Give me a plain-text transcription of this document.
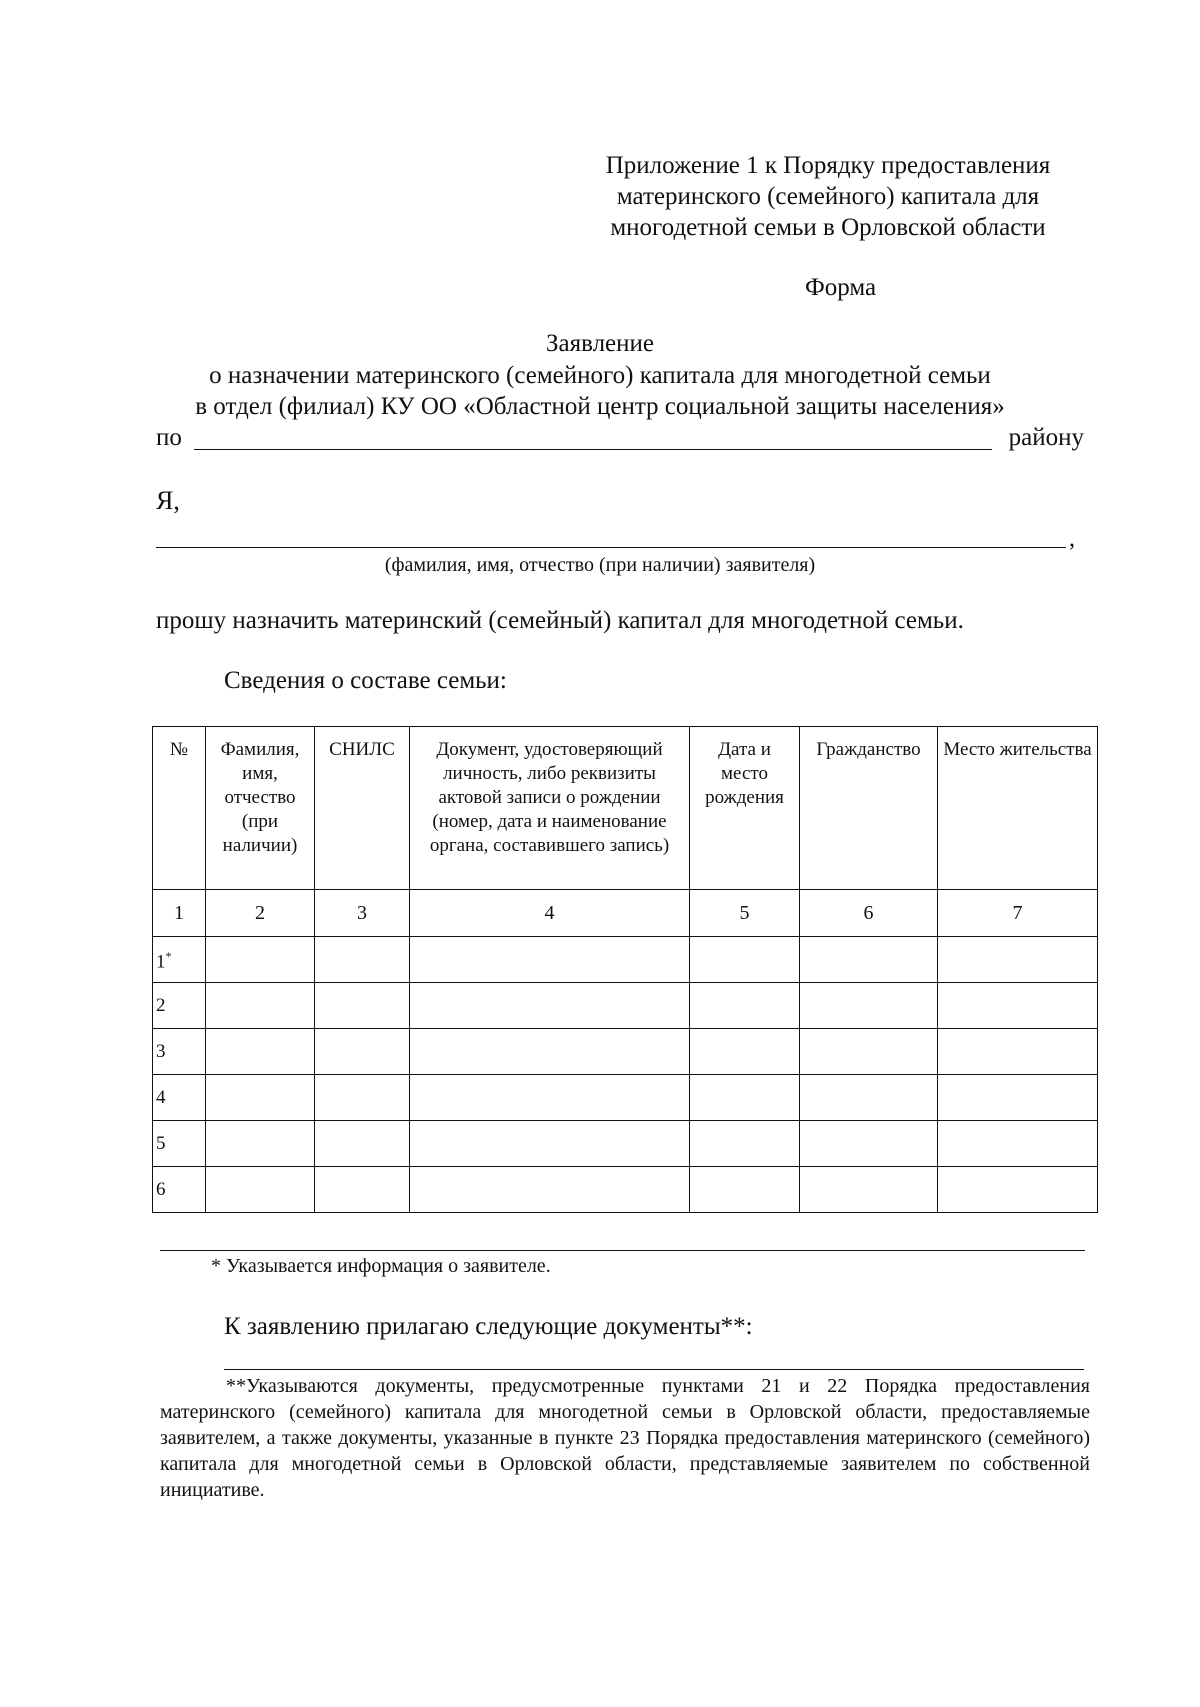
Приложение 1 к Порядку предоставления
материнского (семейного) капитала для
многодетной семьи в Орловской области
Форма
Заявление
о назначении материнского (семейного) капитала для многодетной семьи
в отдел (филиал) КУ ОО «Областной центр социальной защиты населения»
по	району
Я,
,
(фамилия, имя, отчество (при наличии) заявителя)
прошу назначить материнский (семейный) капитал для многодетной семьи.
Сведения о составе семьи:
№	Фамилия, имя, отчество (при наличии)	СНИЛС	Документ, удостоверяющий личность, либо реквизиты актовой записи о рождении (номер, дата и наименование органа, составившего запись)	Дата и место рождения	Гражданство	Место жительства
1	2	3	4	5	6	7
1*						
2						
3						
4						
5						
6						
* Указывается информация о заявителе.
К заявлению прилагаю следующие документы**:
**Указываются документы, предусмотренные пунктами 21 и 22 Порядка предоставления материнского (семейного) капитала для многодетной семьи в Орловской области, предоставляемые заявителем, а также документы, указанные в пункте 23 Порядка предоставления материнского (семейного) капитала для многодетной семьи в Орловской области, представляемые заявителем по собственной инициативе.
